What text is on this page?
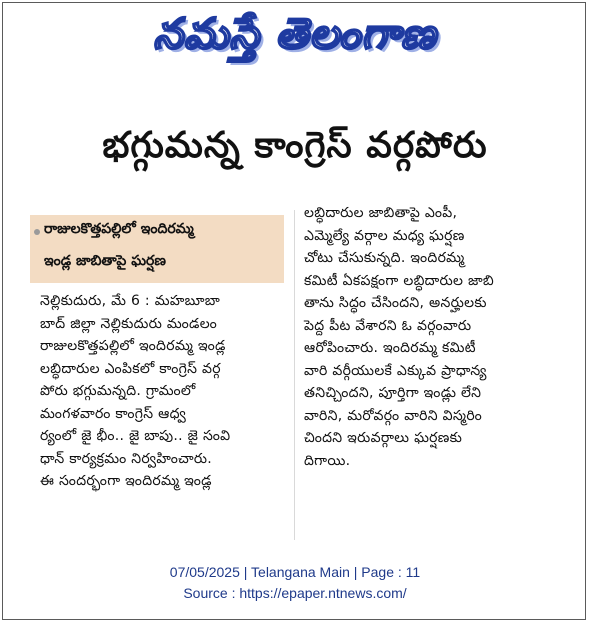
నమస్తే తెలంగాణ
భగ్గుమన్న కాంగ్రెస్ వర్గపోరు
రాజులకొత్తపల్లిలో ఇందిరమ్మ
ఇండ్ల జాబితాపై ఘర్షణ
నెల్లికుదురు, మే 6 : మహబూబా
బాద్ జిల్లా నెల్లికుదురు మండలం
రాజులకొత్తపల్లిలో ఇందిరమ్మ ఇండ్ల
లబ్ధిదారుల ఎంపికలో కాంగ్రెస్ వర్గ
పోరు భగ్గుమన్నది. గ్రామంలో
మంగళవారం కాంగ్రెస్ ఆధ్వ
ర్యంలో జై భీం.. జై బాపు.. జై సంవి
ధాన్ కార్యక్రమం నిర్వహించారు.
ఈ సందర్భంగా ఇందిరమ్మ ఇండ్ల
లబ్ధిదారుల జాబితాపై ఎంపీ,
ఎమ్మెల్యే వర్గాల మధ్య ఘర్షణ
చోటు చేసుకున్నది. ఇందిరమ్మ
కమిటీ ఏకపక్షంగా లబ్ధిదారుల జాబి
తాను సిద్ధం చేసిందని, అనర్హులకు
పెద్ద పీట వేశారని ఓ వర్గంవారు
ఆరోపించారు. ఇందిరమ్మ కమిటీ
వారి వర్గీయులకే ఎక్కువ ప్రాధాన్య
తనిచ్చిందని, పూర్తిగా ఇండ్లు లేని
వారిని, మరోవర్గం వారిని విస్మరిం
చిందని ఇరువర్గాలు ఘర్షణకు
దిగాయి.
07/05/2025 | Telangana Main | Page : 11
Source : https://epaper.ntnews.com/
